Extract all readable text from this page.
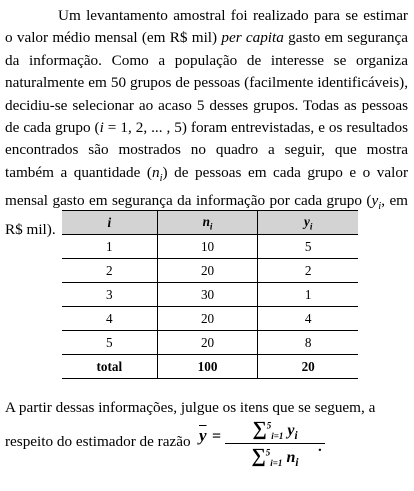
Um levantamento amostral foi realizado para se estimar o valor médio mensal (em R$ mil) per capita gasto em segurança da informação. Como a população de interesse se organiza naturalmente em 50 grupos de pessoas (facilmente identificáveis), decidiu-se selecionar ao acaso 5 desses grupos. Todas as pessoas de cada grupo (i = 1, 2, ... , 5) foram entrevistadas, e os resultados encontrados são mostrados no quadro a seguir, que mostra também a quantidade $(n_i)$ de pessoas em cada grupo e o valor mensal gasto em segurança da informação por cada grupo ($y_i$, em R$ mil).	i	$n_i$	$y_i$
1	10	5
2	20	2
3	30	1
4	20	4
5	20	8
total	100	20

A partir dessas informações, julgue os itens que se seguem, a

respeito do estimador de razão $\overline{y}$ =	∑$^5_{i=1}$ $y_i$
∑$^5_{i=1}$ $n_i$
.
